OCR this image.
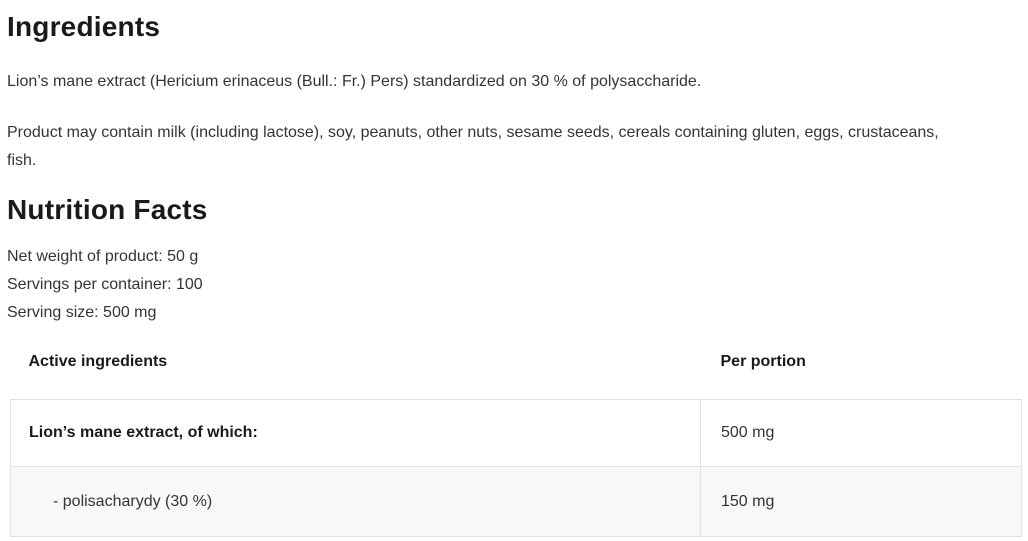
Ingredients

Lion’s mane extract (Hericium erinaceus (Bull.: Fr.) Pers) standardized on 30 % of polysaccharide.

Product may contain milk (including lactose), soy, peanuts, other nuts, sesame seeds, cereals containing gluten, eggs, crustaceans, fish.

Nutrition Facts
Net weight of product: 50 g
Servings per container: 100
Serving size: 500 mg
Active ingredients	Per portion
Lion’s mane extract, of which:	500 mg
- polisacharydy (30 %)	150 mg
